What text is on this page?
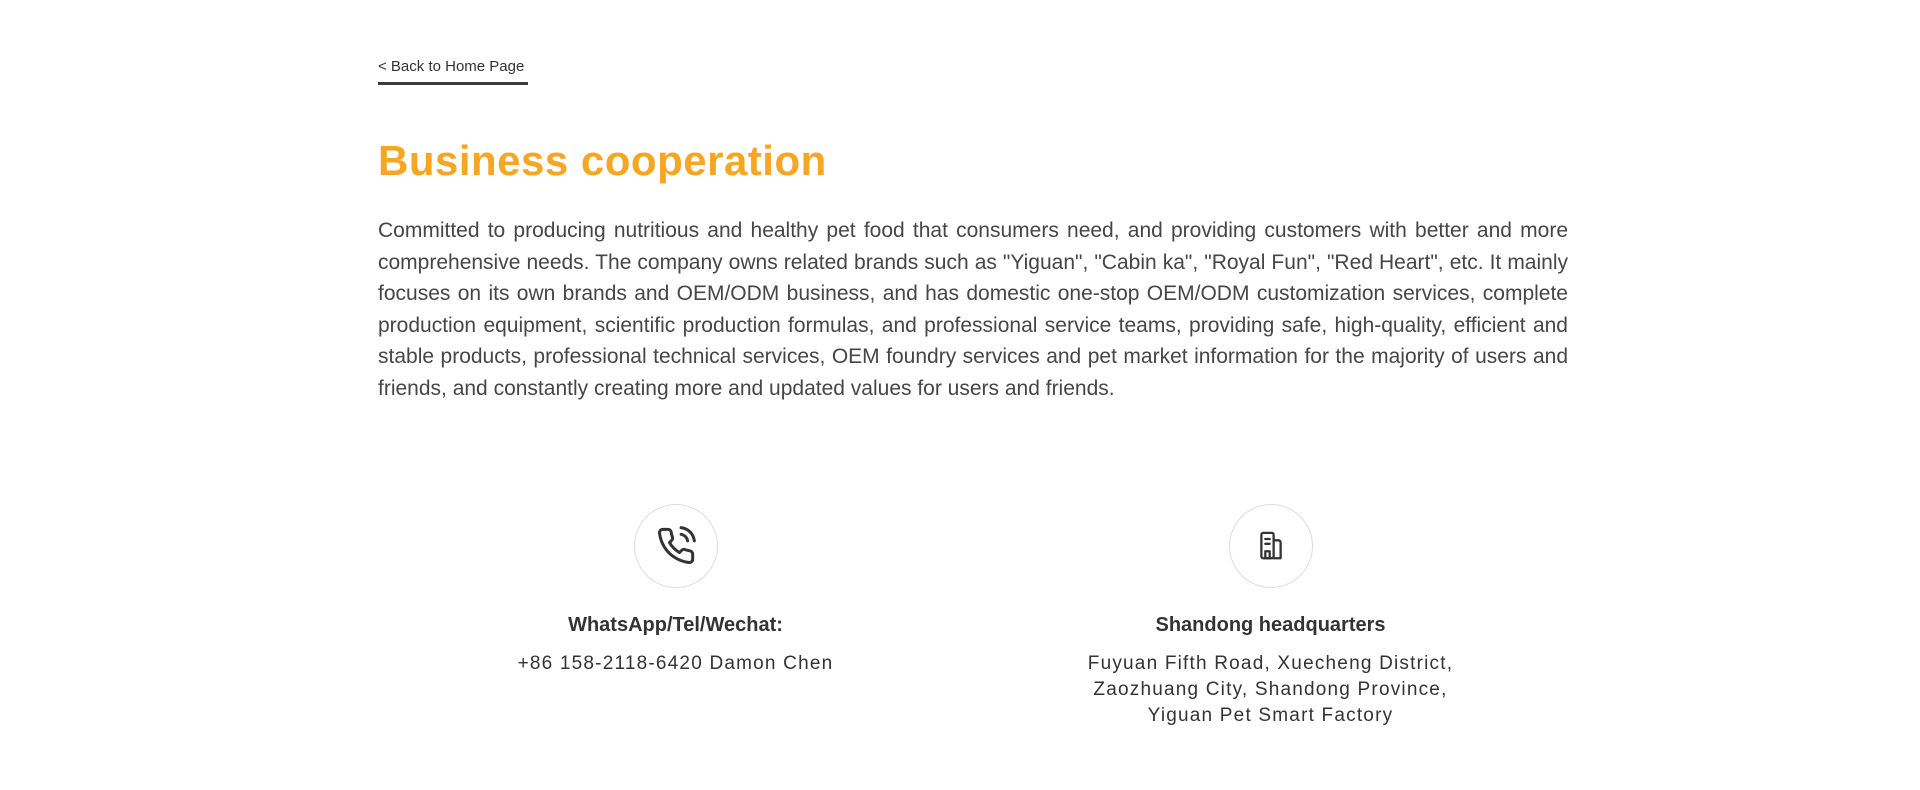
< Back to Home Page
Business cooperation

Committed to producing nutritious and healthy pet food that consumers need, and providing customers with better and more comprehensive needs. The company owns related brands such as "Yiguan", "Cabin ka", "Royal Fun", "Red Heart", etc. It mainly focuses on its own brands and OEM/ODM business, and has domestic one-stop OEM/ODM customization services, complete production equipment, scientific production formulas, and professional service teams, providing safe, high-quality, efficient and stable products, professional technical services, OEM foundry services and pet market information for the majority of users and friends, and constantly creating more and updated values for users and friends.

WhatsApp/Tel/Wechat:
+86 158-2118-6420 Damon Chen
Shandong headquarters
Fuyuan Fifth Road, Xuecheng District,
Zaozhuang City, Shandong Province,
Yiguan Pet Smart Factory
